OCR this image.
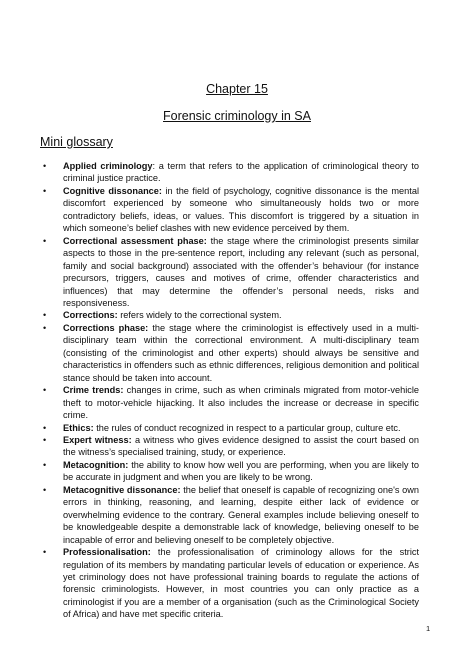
Chapter 15
Forensic criminology in SA
Mini glossary
• Applied criminology: a term that refers to the application of criminological theory to criminal justice practice.
• Cognitive dissonance: in the field of psychology, cognitive dissonance is the mental discomfort experienced by someone who simultaneously holds two or more contradictory beliefs, ideas, or values. This discomfort is triggered by a situation in which someone’s belief clashes with new evidence perceived by them.
• Correctional assessment phase: the stage where the criminologist presents similar aspects to those in the pre-sentence report, including any relevant (such as personal, family and social background) associated with the offender’s behaviour (for instance precursors, triggers, causes and motives of crime, offender characteristics and influences) that may determine the offender’s personal needs, risks and responsiveness.
• Corrections: refers widely to the correctional system.
• Corrections phase: the stage where the criminologist is effectively used in a multi-disciplinary team within the correctional environment. A multi-disciplinary team (consisting of the criminologist and other experts) should always be sensitive and characteristics in offenders such as ethnic differences, religious demonition and political stance should be taken into account.
• Crime trends: changes in crime, such as when criminals migrated from motor-vehicle theft to motor-vehicle hijacking. It also includes the increase or decrease in specific crime.
• Ethics: the rules of conduct recognized in respect to a particular group, culture etc.
• Expert witness: a witness who gives evidence designed to assist the court based on the witness’s specialised training, study, or experience.
• Metacognition: the ability to know how well you are performing, when you are likely to be accurate in judgment and when you are likely to be wrong.
• Metacognitive dissonance: the belief that oneself is capable of recognizing one's own errors in thinking, reasoning, and learning, despite either lack of evidence or overwhelming evidence to the contrary. General examples include believing oneself to be knowledgeable despite a demonstrable lack of knowledge, believing oneself to be incapable of error and believing oneself to be completely objective.
• Professionalisation: the professionalisation of criminology allows for the strict regulation of its members by mandating particular levels of education or experience. As yet criminology does not have professional training boards to regulate the actions of forensic criminologists. However, in most countries you can only practice as a criminologist if you are a member of a organisation (such as the Criminological Society of Africa) and have met specific criteria.
1
